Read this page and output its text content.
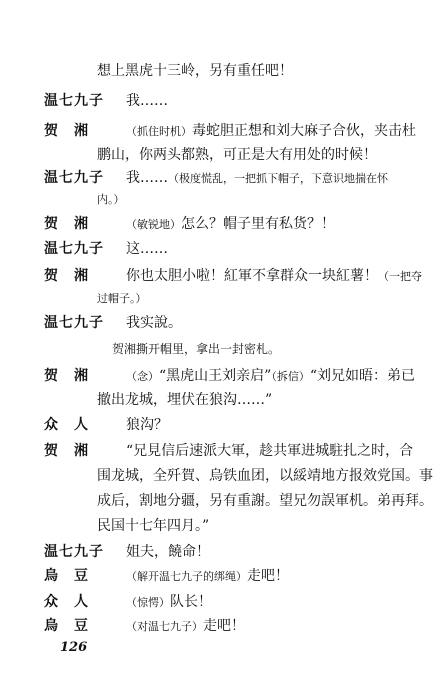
想上黑虎十三岭，另有重任吧！
温七九子 我……
贺　湘	（抓住时机）毒蛇胆正想和刘大麻子合伙，夹击杜
鹏山，你两头都熟，可正是大有用处的时候！
温七九子 我……（极度慌乱，一把抓下帽子，下意识地揣在怀
内。）
贺　湘	（敏锐地）怎么？帽子里有私货？！
温七九子 这……
贺　湘	你也太胆小啦！紅軍不拿群众一块紅薯！（一把夺
过帽子。）
温七九子 我实說。
贺湘撕开帽里，拿出一封密札。
贺　湘	（念）“黑虎山王刘亲启”（拆信）“刘兄如晤：弟已
撤出龙城，埋伏在狼沟……”
众　人	狼沟？
贺　湘	“兄見信后速派大軍，趁共軍进城駐扎之时，合
围龙城，全歼賀、烏铁血团，以綏靖地方报效党国。事
成后，割地分疆，另有重謝。望兄勿誤軍机。弟再拜。
民国十七年四月。”
温七九子 姐夫，饒命！
烏　豆	（解开温七九子的绑绳）走吧！
众　人	（惊愕）队长！
烏　豆	（对温七九子）走吧！
126
